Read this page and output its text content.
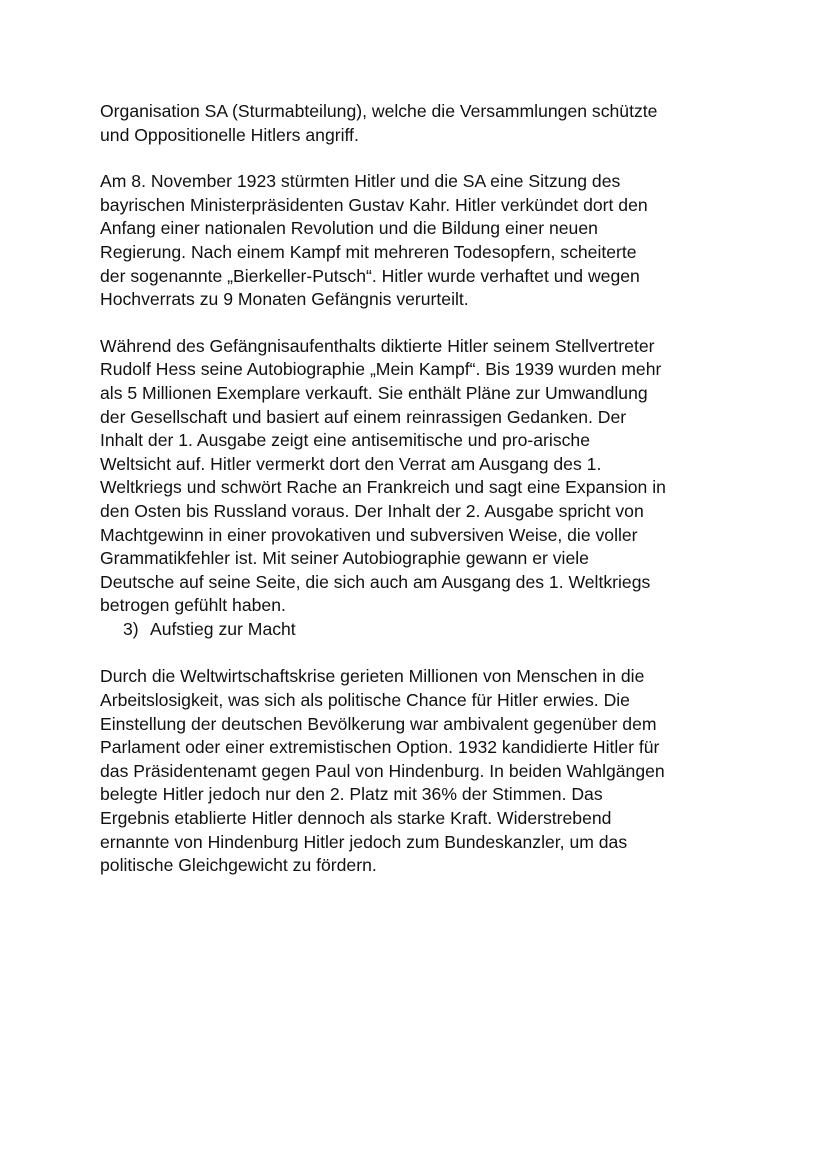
Organisation SA (Sturmabteilung), welche die Versammlungen schützte
und Oppositionelle Hitlers angriff.

Am 8. November 1923 stürmten Hitler und die SA eine Sitzung des
bayrischen Ministerpräsidenten Gustav Kahr. Hitler verkündet dort den
Anfang einer nationalen Revolution und die Bildung einer neuen
Regierung. Nach einem Kampf mit mehreren Todesopfern, scheiterte
der sogenannte „Bierkeller-Putsch“. Hitler wurde verhaftet und wegen
Hochverrats zu 9 Monaten Gefängnis verurteilt.

Während des Gefängnisaufenthalts diktierte Hitler seinem Stellvertreter
Rudolf Hess seine Autobiographie „Mein Kampf“. Bis 1939 wurden mehr
als 5 Millionen Exemplare verkauft. Sie enthält Pläne zur Umwandlung
der Gesellschaft und basiert auf einem reinrassigen Gedanken. Der
Inhalt der 1. Ausgabe zeigt eine antisemitische und pro-arische
Weltsicht auf. Hitler vermerkt dort den Verrat am Ausgang des 1.
Weltkriegs und schwört Rache an Frankreich und sagt eine Expansion in
den Osten bis Russland voraus. Der Inhalt der 2. Ausgabe spricht von
Machtgewinn in einer provokativen und subversiven Weise, die voller
Grammatikfehler ist. Mit seiner Autobiographie gewann er viele
Deutsche auf seine Seite, die sich auch am Ausgang des 1. Weltkriegs
betrogen gefühlt haben.

3) Aufstieg zur Macht

Durch die Weltwirtschaftskrise gerieten Millionen von Menschen in die
Arbeitslosigkeit, was sich als politische Chance für Hitler erwies. Die
Einstellung der deutschen Bevölkerung war ambivalent gegenüber dem
Parlament oder einer extremistischen Option. 1932 kandidierte Hitler für
das Präsidentenamt gegen Paul von Hindenburg. In beiden Wahlgängen
belegte Hitler jedoch nur den 2. Platz mit 36% der Stimmen. Das
Ergebnis etablierte Hitler dennoch als starke Kraft. Widerstrebend
ernannte von Hindenburg Hitler jedoch zum Bundeskanzler, um das
politische Gleichgewicht zu fördern.
